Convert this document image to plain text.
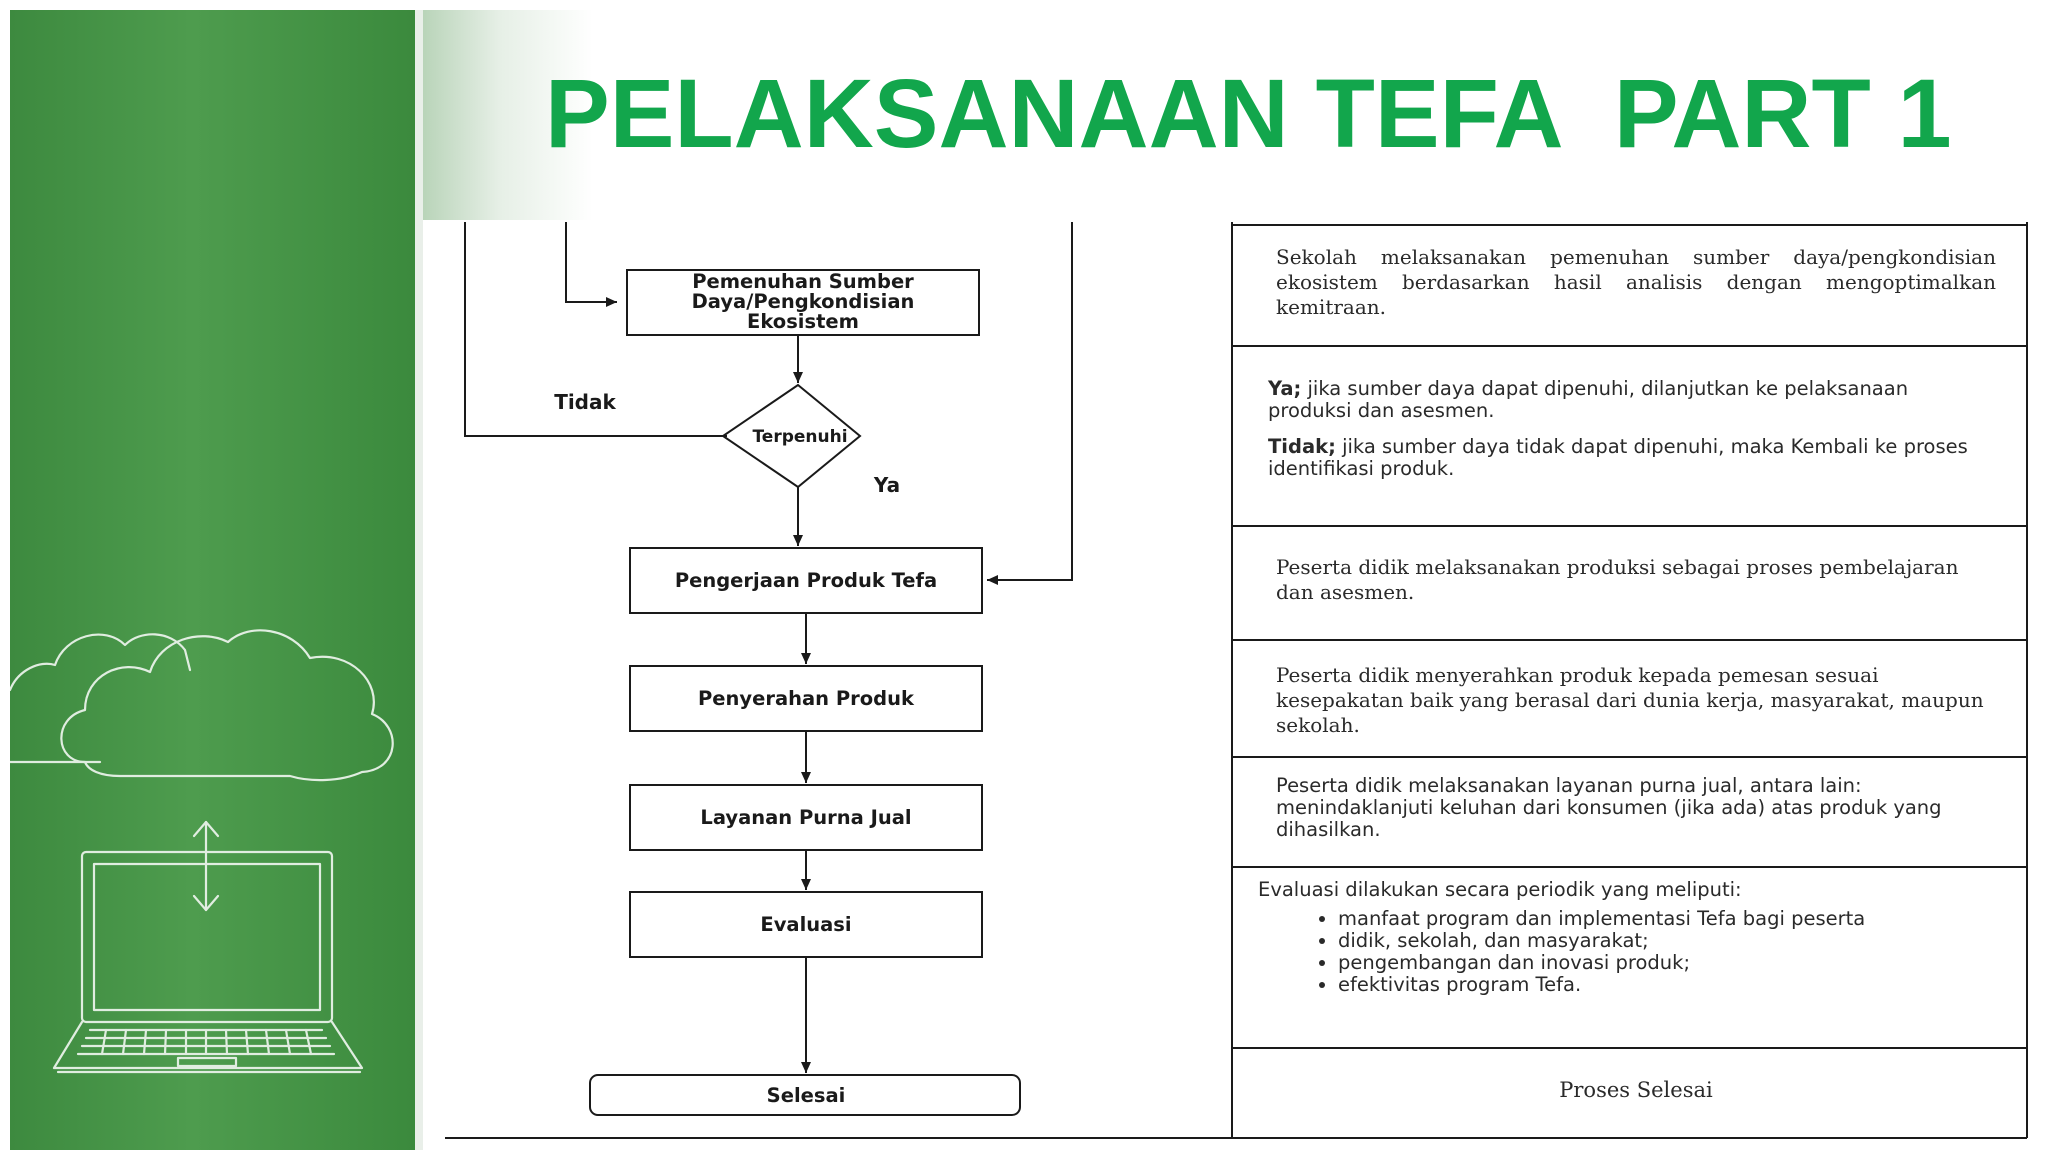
PELAKSANAAN TEFA  PART 1
Pemenuhan Sumber
Daya/Pengkondisian
Ekosistem
Terpenuhi
Tidak
Ya
Pengerjaan Produk Tefa
Penyerahan Produk
Layanan Purna Jual
Evaluasi
Selesai

Sekolah melaksanakan pemenuhan sumber daya/pengkondisian ekosistem berdasarkan hasil analisis dengan mengoptimalkan kemitraan.

Ya; jika sumber daya dapat dipenuhi, dilanjutkan ke pelaksanaan produksi dan asesmen.

Tidak; jika sumber daya tidak dapat dipenuhi, maka Kembali ke proses identifikasi produk.

Peserta didik melaksanakan produksi sebagai proses pembelajaran dan asesmen.

Peserta didik menyerahkan produk kepada pemesan sesuai kesepakatan baik yang berasal dari dunia kerja, masyarakat, maupun sekolah.

Peserta didik melaksanakan layanan purna jual, antara lain: menindaklanjuti keluhan dari konsumen (jika ada) atas produk yang dihasilkan.

Evaluasi dilakukan secara periodik yang meliputi:

• manfaat program dan implementasi Tefa bagi peserta
• didik, sekolah, dan masyarakat;
• pengembangan dan inovasi produk;
• efektivitas program Tefa.

Proses Selesai
